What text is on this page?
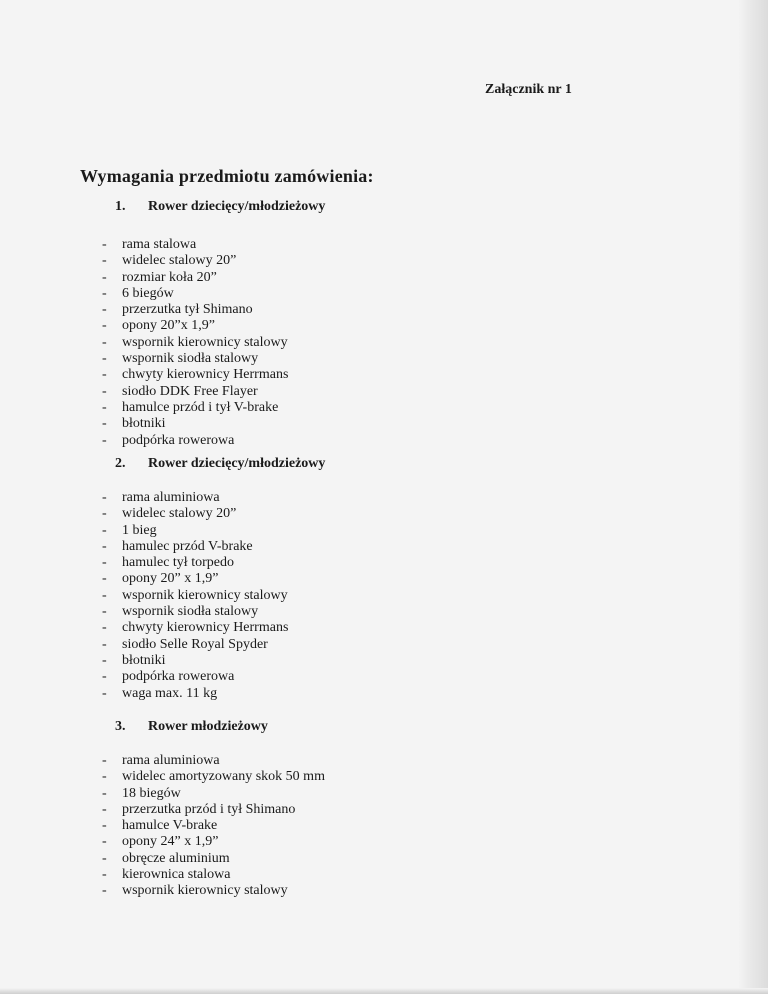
Załącznik nr 1
Wymagania przedmiotu zamówienia:
1. Rower dziecięcy/młodzieżowy
- rama stalowa
- widelec stalowy 20”
- rozmiar koła 20”
- 6 biegów
- przerzutka tył Shimano
- opony 20”x 1,9”
- wspornik kierownicy stalowy
- wspornik siodła stalowy
- chwyty kierownicy Herrmans
- siodło DDK Free Flayer
- hamulce przód i tył V-brake
- błotniki
- podpórka rowerowa
2. Rower dziecięcy/młodzieżowy
- rama aluminiowa
- widelec stalowy 20”
- 1 bieg
- hamulec przód V-brake
- hamulec tył torpedo
- opony 20” x 1,9”
- wspornik kierownicy stalowy
- wspornik siodła stalowy
- chwyty kierownicy Herrmans
- siodło Selle Royal Spyder
- błotniki
- podpórka rowerowa
- waga max. 11 kg
3. Rower młodzieżowy
- rama aluminiowa
- widelec amortyzowany skok 50 mm
- 18 biegów
- przerzutka przód i tył Shimano
- hamulce V-brake
- opony 24” x 1,9”
- obręcze aluminium
- kierownica stalowa
- wspornik kierownicy stalowy
